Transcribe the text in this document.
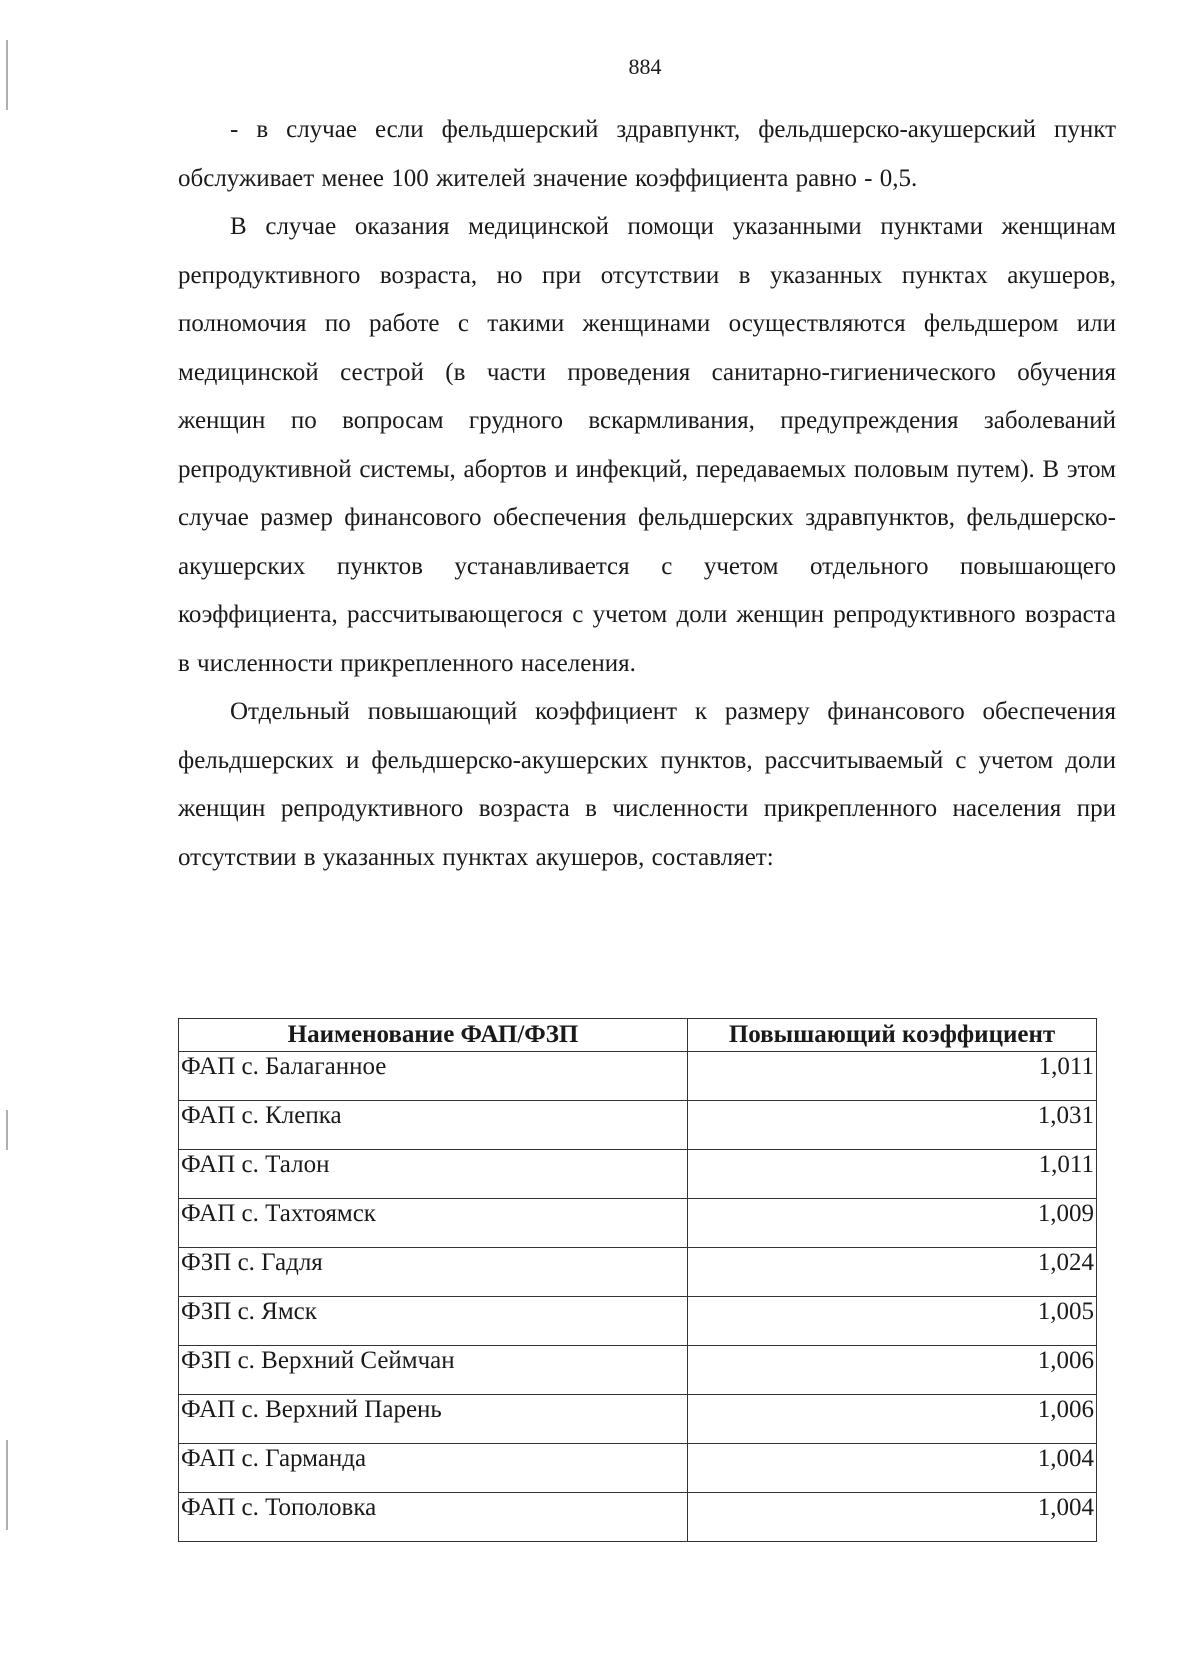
884

- в случае если фельдшерский здравпункт, фельдшерско-акушерский пункт обслуживает менее 100 жителей значение коэффициента равно - 0,5.

В случае оказания медицинской помощи указанными пунктами женщинам репродуктивного возраста, но при отсутствии в указанных пунктах акушеров, полномочия по работе с такими женщинами осуществляются фельдшером или медицинской сестрой (в части проведения санитарно-гигиенического обучения женщин по вопросам грудного вскармливания, предупреждения заболеваний репродуктивной системы, абортов и инфекций, передаваемых половым путем). В этом случае размер финансового обеспечения фельдшерских здравпунктов, фельдшерско-акушерских пунктов устанавливается с учетом отдельного повышающего коэффициента, рассчитывающегося с учетом доли женщин репродуктивного возраста в численности прикрепленного населения.

Отдельный повышающий коэффициент к размеру финансового обеспечения фельдшерских и фельдшерско-акушерских пунктов, рассчитываемый с учетом доли женщин репродуктивного возраста в численности прикрепленного населения при отсутствии в указанных пунктах акушеров, составляет:

Наименование ФАП/ФЗП	Повышающий коэффициент
ФАП с. Балаганное	1,011
ФАП с. Клепка	1,031
ФАП с. Талон	1,011
ФАП с. Тахтоямск	1,009
ФЗП с. Гадля	1,024
ФЗП с. Ямск	1,005
ФЗП с. Верхний Сеймчан	1,006
ФАП с. Верхний Парень	1,006
ФАП с. Гарманда	1,004
ФАП с. Тополовка	1,004
